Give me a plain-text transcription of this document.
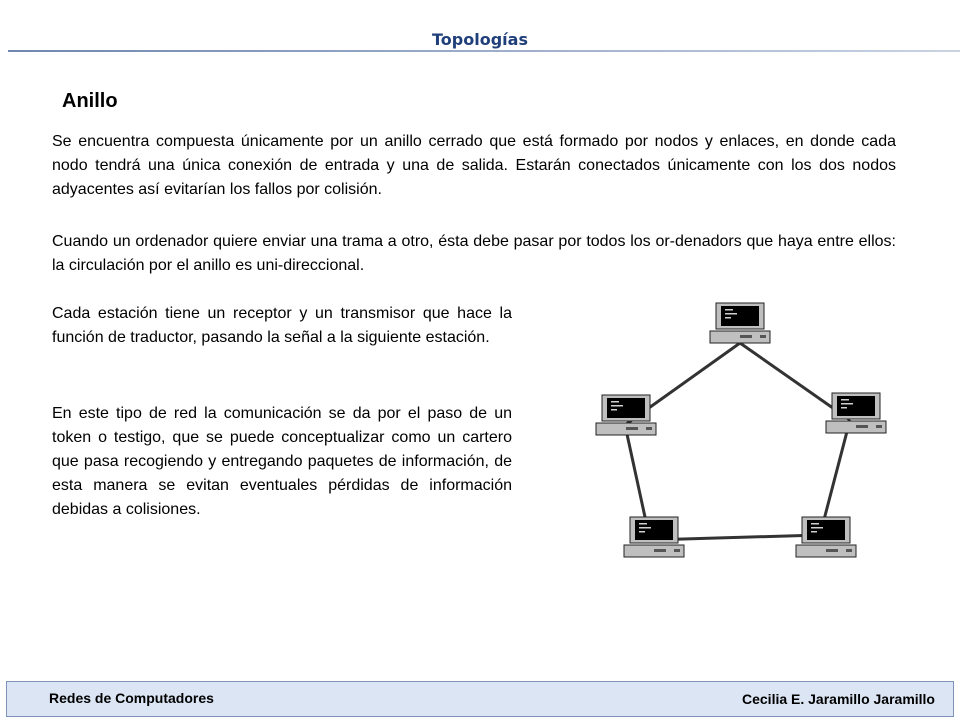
Topologías
Anillo

Se encuentra compuesta únicamente por un anillo cerrado que está formado por nodos y enlaces, en donde cada nodo tendrá una única conexión de entrada y una de salida. Estarán conectados únicamente con los dos nodos adyacentes así evitarían los fallos por colisión.

Cuando un ordenador quiere enviar una trama a otro, ésta debe pasar por todos los or-denadors que haya entre ellos: la circulación por el anillo es uni-direccional.

Cada estación tiene un receptor y un transmisor que hace la función de traductor, pasando la señal a la siguiente estación.

En este tipo de red la comunicación se da por el paso de un token o testigo, que se puede conceptualizar como un cartero que pasa recogiendo y entregando paquetes de información, de esta manera se evitan eventuales pérdidas de información debidas a colisiones.

Redes de Computadores	Cecilia E. Jaramillo Jaramillo
